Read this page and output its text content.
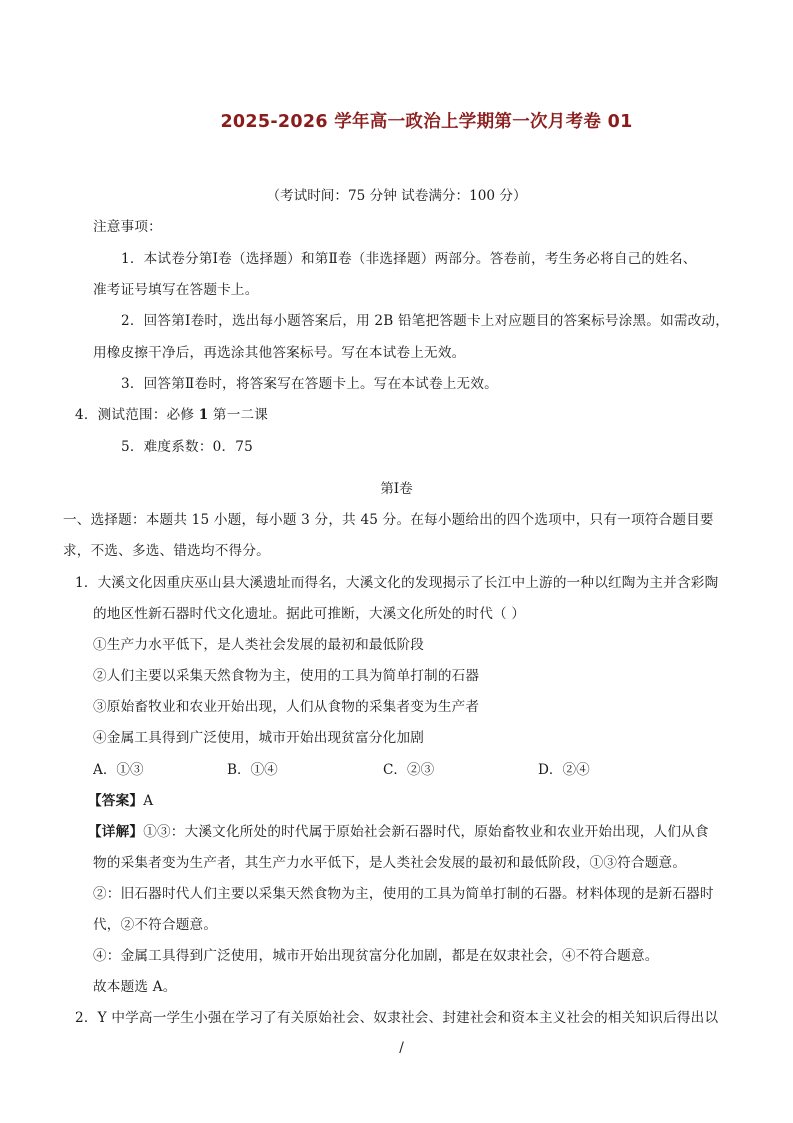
2025-2026 学年高一政治上学期第一次月考卷 01
（考试时间：75 分钟 试卷满分：100 分）
注意事项：
1．本试卷分第Ⅰ卷（选择题）和第Ⅱ卷（非选择题）两部分。答卷前，考生务必将自己的姓名、
准考证号填写在答题卡上。
2．回答第Ⅰ卷时，选出每小题答案后，用 2B 铅笔把答题卡上对应题目的答案标号涂黑。如需改动，
用橡皮擦干净后，再选涂其他答案标号。写在本试卷上无效。
3．回答第Ⅱ卷时，将答案写在答题卡上。写在本试卷上无效。
4．测试范围：必修 1 第一二课
5．难度系数：0．75
第Ⅰ卷
一、选择题：本题共 15 小题，每小题 3 分，共 45 分。在每小题给出的四个选项中，只有一项符合题目要
求，不选、多选、错选均不得分。
1．大溪文化因重庆巫山县大溪遗址而得名，大溪文化的发现揭示了长江中上游的一种以红陶为主并含彩陶
的地区性新石器时代文化遗址。据此可推断，大溪文化所处的时代（ ）
①生产力水平低下，是人类社会发展的最初和最低阶段
②人们主要以采集天然食物为主，使用的工具为简单打制的石器
③原始畜牧业和农业开始出现，人们从食物的采集者变为生产者
④金属工具得到广泛使用，城市开始出现贫富分化加剧
A．①③	B．①④	C．②③	D．②④
【答案】A
【详解】①③：大溪文化所处的时代属于原始社会新石器时代，原始畜牧业和农业开始出现，人们从食
物的采集者变为生产者，其生产力水平低下，是人类社会发展的最初和最低阶段，①③符合题意。
②：旧石器时代人们主要以采集天然食物为主，使用的工具为简单打制的石器。材料体现的是新石器时
代，②不符合题意。
④：金属工具得到广泛使用，城市开始出现贫富分化加剧，都是在奴隶社会，④不符合题意。
故本题选 A。
2．Y 中学高一学生小强在学习了有关原始社会、奴隶社会、封建社会和资本主义社会的相关知识后得出以
/
